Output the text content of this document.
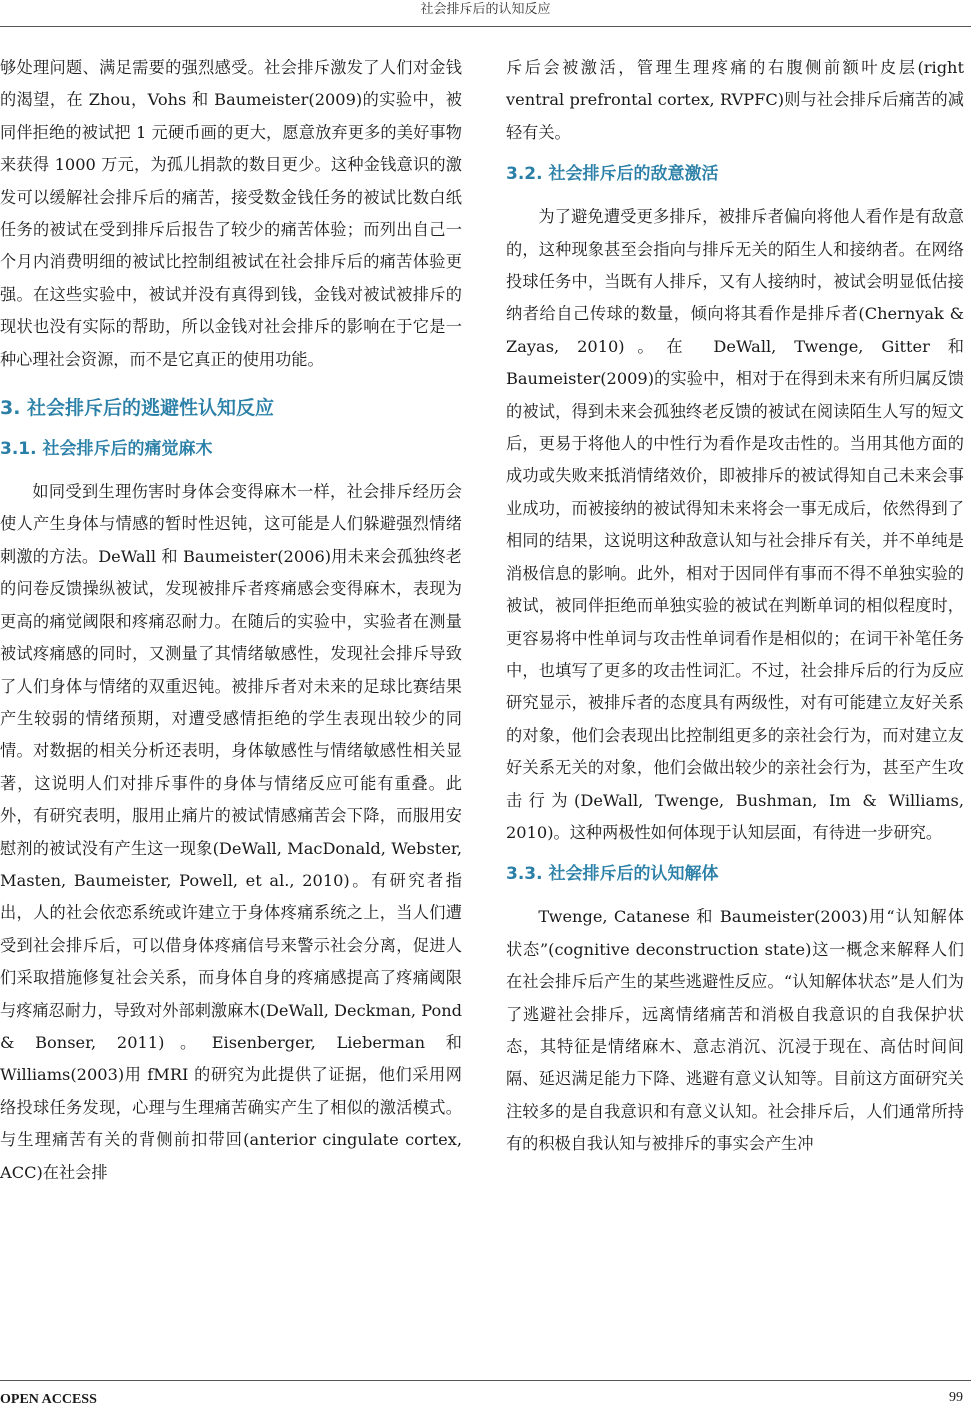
社会排斥后的认知反应

够处理问题、满足需要的强烈感受。社会排斥激发了人们对金钱的渴望，在 Zhou，Vohs 和 Baumeister(2009)的实验中，被同伴拒绝的被试把 1 元硬币画的更大，愿意放弃更多的美好事物来获得 1000 万元，为孤儿捐款的数目更少。这种金钱意识的激发可以缓解社会排斥后的痛苦，接受数金钱任务的被试比数白纸任务的被试在受到排斥后报告了较少的痛苦体验；而列出自己一个月内消费明细的被试比控制组被试在社会排斥后的痛苦体验更强。在这些实验中，被试并没有真得到钱，金钱对被试被排斥的现状也没有实际的帮助，所以金钱对社会排斥的影响在于它是一种心理社会资源，而不是它真正的使用功能。

3. 社会排斥后的逃避性认知反应
3.1. 社会排斥后的痛觉麻木

如同受到生理伤害时身体会变得麻木一样，社会排斥经历会使人产生身体与情感的暂时性迟钝，这可能是人们躲避强烈情绪刺激的方法。DeWall 和 Baumeister(2006)用未来会孤独终老的问卷反馈操纵被试，发现被排斥者疼痛感会变得麻木，表现为更高的痛觉阈限和疼痛忍耐力。在随后的实验中，实验者在测量被试疼痛感的同时，又测量了其情绪敏感性，发现社会排斥导致了人们身体与情绪的双重迟钝。被排斥者对未来的足球比赛结果产生较弱的情绪预期，对遭受感情拒绝的学生表现出较少的同情。对数据的相关分析还表明，身体敏感性与情绪敏感性相关显著，这说明人们对排斥事件的身体与情绪反应可能有重叠。此外，有研究表明，服用止痛片的被试情感痛苦会下降，而服用安慰剂的被试没有产生这一现象(DeWall, MacDonald, Webster, Masten, Baumeister, Powell, et al., 2010)。有研究者指出，人的社会依恋系统或许建立于身体疼痛系统之上，当人们遭受到社会排斥后，可以借身体疼痛信号来警示社会分离，促进人们采取措施修复社会关系，而身体自身的疼痛感提高了疼痛阈限与疼痛忍耐力，导致对外部刺激麻木(DeWall, Deckman, Pond & Bonser, 2011)。Eisenberger, Lieberman 和 Williams(2003)用 fMRI 的研究为此提供了证据，他们采用网络投球任务发现，心理与生理痛苦确实产生了相似的激活模式。与生理痛苦有关的背侧前扣带回(anterior cingulate cortex, ACC)在社会排

斥后会被激活，管理生理疼痛的右腹侧前额叶皮层(right ventral prefrontal cortex, RVPFC)则与社会排斥后痛苦的减轻有关。

3.2. 社会排斥后的敌意激活

为了避免遭受更多排斥，被排斥者偏向将他人看作是有敌意的，这种现象甚至会指向与排斥无关的陌生人和接纳者。在网络投球任务中，当既有人排斥，又有人接纳时，被试会明显低估接纳者给自己传球的数量，倾向将其看作是排斥者(Chernyak & Zayas, 2010)。在 DeWall, Twenge, Gitter 和 Baumeister(2009)的实验中，相对于在得到未来有所归属反馈的被试，得到未来会孤独终老反馈的被试在阅读陌生人写的短文后，更易于将他人的中性行为看作是攻击性的。当用其他方面的成功或失败来抵消情绪效价，即被排斥的被试得知自己未来会事业成功，而被接纳的被试得知未来将会一事无成后，依然得到了相同的结果，这说明这种敌意认知与社会排斥有关，并不单纯是消极信息的影响。此外，相对于因同伴有事而不得不单独实验的被试，被同伴拒绝而单独实验的被试在判断单词的相似程度时，更容易将中性单词与攻击性单词看作是相似的；在词干补笔任务中，也填写了更多的攻击性词汇。不过，社会排斥后的行为反应研究显示，被排斥者的态度具有两级性，对有可能建立友好关系的对象，他们会表现出比控制组更多的亲社会行为，而对建立友好关系无关的对象，他们会做出较少的亲社会行为，甚至产生攻击行为(DeWall, Twenge, Bushman, Im & Williams, 2010)。这种两极性如何体现于认知层面，有待进一步研究。

3.3. 社会排斥后的认知解体

Twenge, Catanese 和 Baumeister(2003)用“认知解体状态”(cognitive deconstruction state)这一概念来解释人们在社会排斥后产生的某些逃避性反应。“认知解体状态”是人们为了逃避社会排斥，远离情绪痛苦和消极自我意识的自我保护状态，其特征是情绪麻木、意志消沉、沉浸于现在、高估时间间隔、延迟满足能力下降、逃避有意义认知等。目前这方面研究关注较多的是自我意识和有意义认知。社会排斥后，人们通常所持有的积极自我认知与被排斥的事实会产生冲

OPEN ACCESS	99
